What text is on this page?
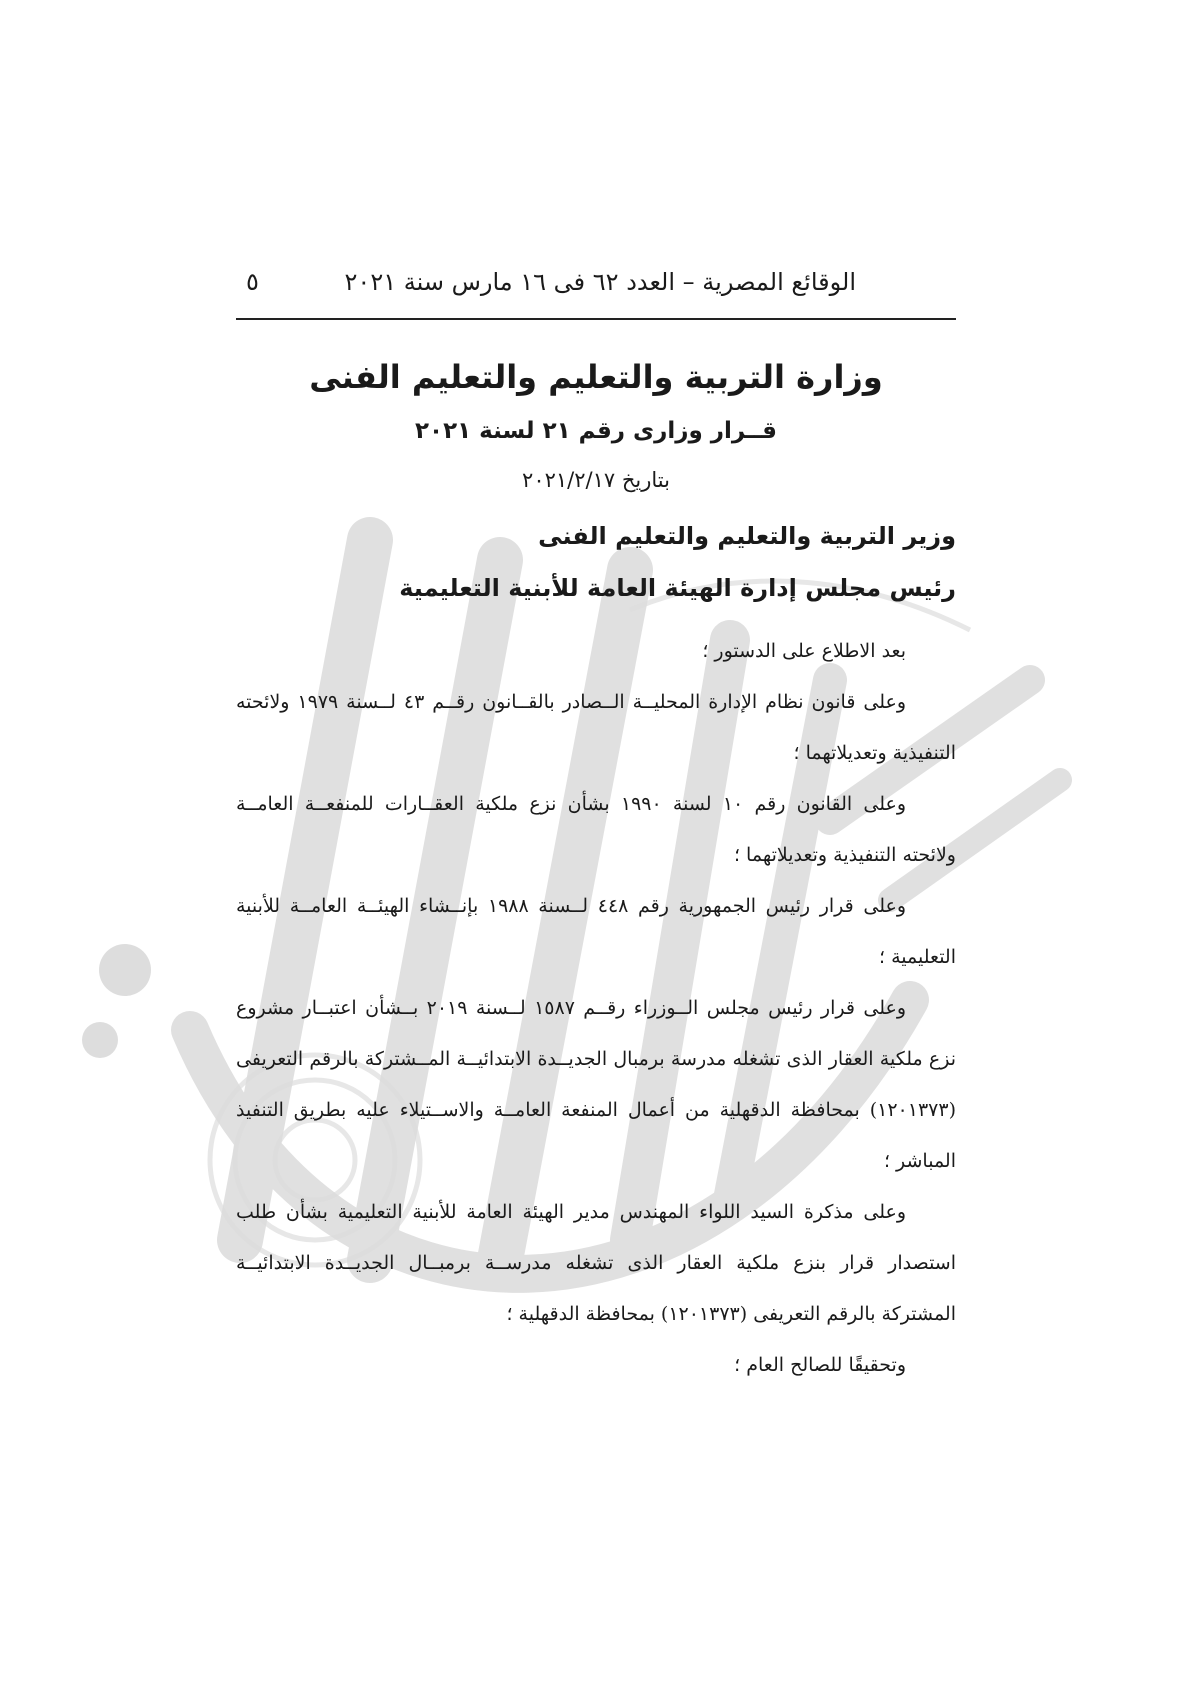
الوقائع المصرية – العدد ٦٢ فى ١٦ مارس سنة ٢٠٢١
٥
وزارة التربية والتعليم والتعليم الفنى
قــرار وزارى رقم ٢١ لسنة ٢٠٢١
بتاريخ ٢٠٢١/٢/١٧
وزير التربية والتعليم والتعليم الفنى
رئيس مجلس إدارة الهيئة العامة للأبنية التعليمية

بعد الاطلاع على الدستور ؛

وعلى قانون نظام الإدارة المحليــة الــصادر بالقــانون رقــم ٤٣ لــسنة ١٩٧٩ ولائحته التنفيذية وتعديلاتهما ؛

وعلى القانون رقم ١٠ لسنة ١٩٩٠ بشأن نزع ملكية العقــارات للمنفعــة العامــة ولائحته التنفيذية وتعديلاتهما ؛

وعلى قرار رئيس الجمهورية رقم ٤٤٨ لــسنة ١٩٨٨ بإنــشاء الهيئــة العامــة للأبنية التعليمية ؛

وعلى قرار رئيس مجلس الــوزراء رقــم ١٥٨٧ لــسنة ٢٠١٩ بــشأن اعتبــار مشروع نزع ملكية العقار الذى تشغله مدرسة برمبال الجديــدة الابتدائيــة المــشتركة بالرقم التعريفى (١٢٠١٣٧٣) بمحافظة الدقهلية من أعمال المنفعة العامــة والاســتيلاء عليه بطريق التنفيذ المباشر ؛

وعلى مذكرة السيد اللواء المهندس مدير الهيئة العامة للأبنية التعليمية بشأن طلب استصدار قرار بنزع ملكية العقار الذى تشغله مدرســة برمبــال الجديــدة الابتدائيــة المشتركة بالرقم التعريفى (١٢٠١٣٧٣) بمحافظة الدقهلية ؛

وتحقيقًا للصالح العام ؛
